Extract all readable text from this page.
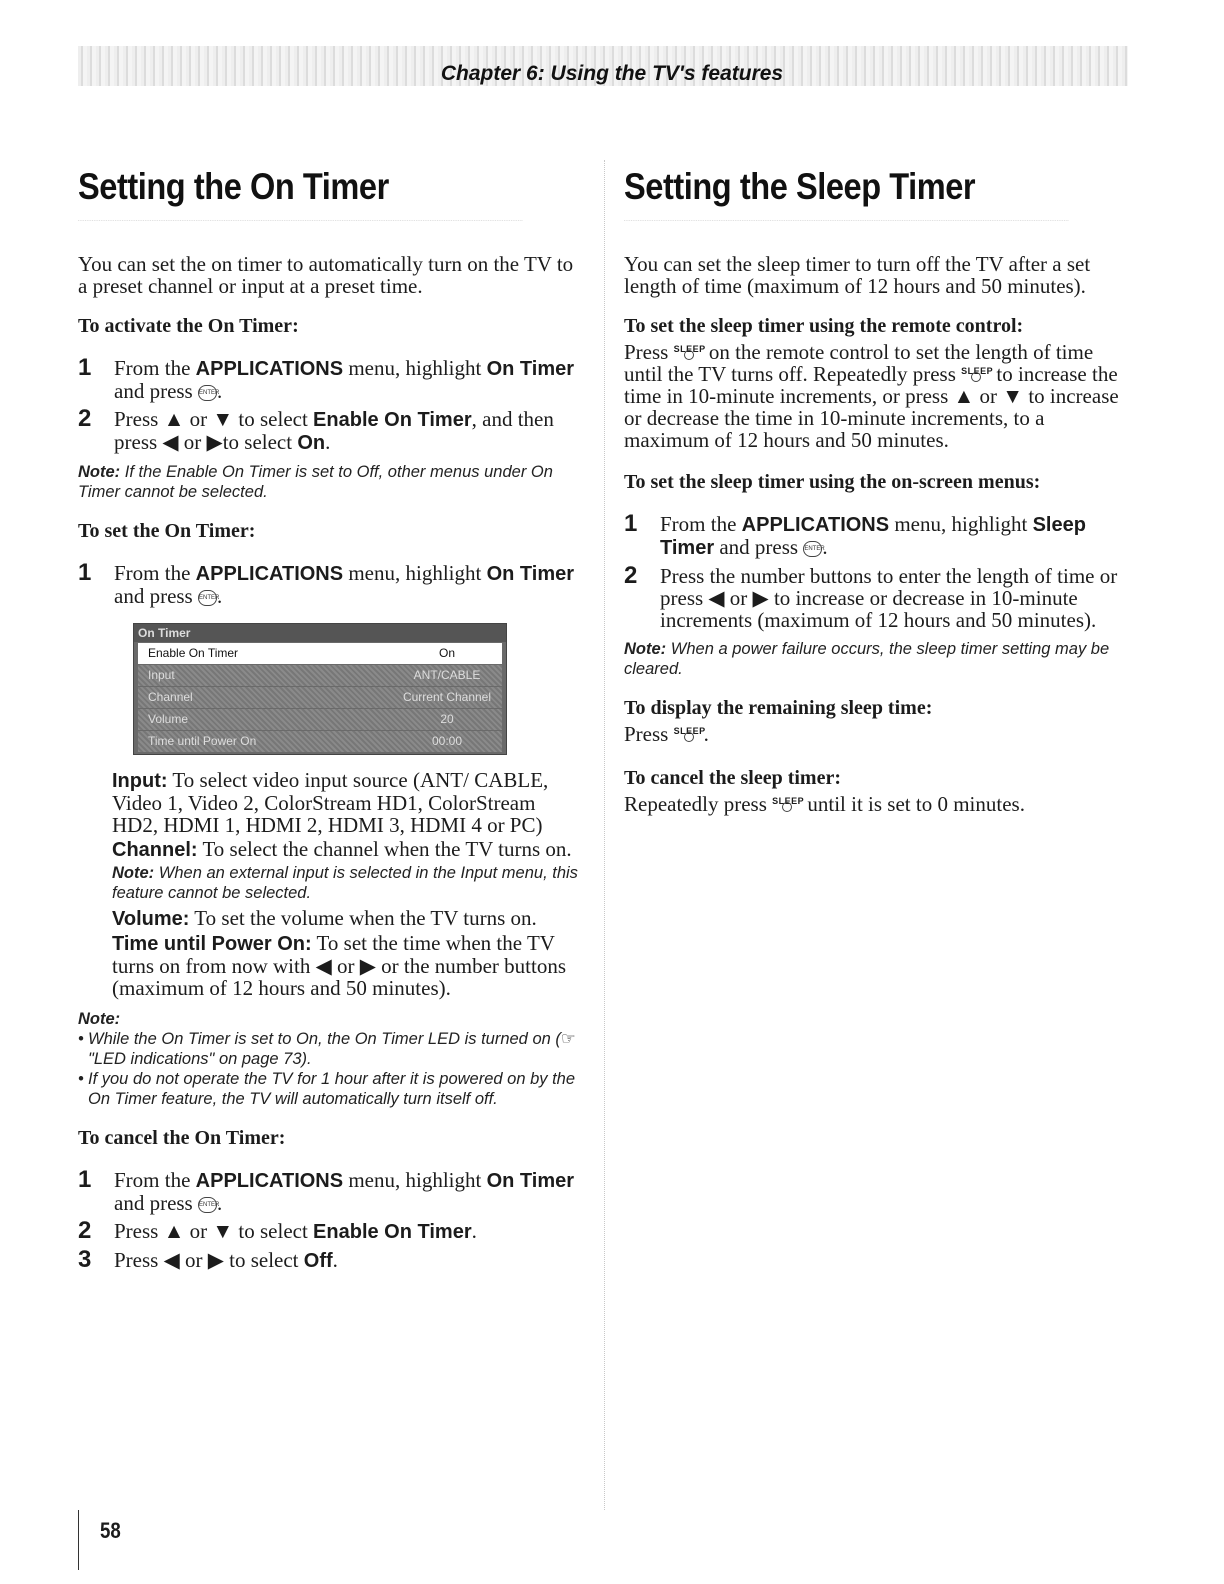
Chapter 6: Using the TV's features
Setting the On Timer

You can set the on timer to automatically turn on the TV to a preset channel or input at a preset time.

To activate the On Timer:

1	From the APPLICATIONS menu, highlight On Timer and press ENTER.
2	Press ▲ or ▼ to select Enable On Timer, and then press ◀ or ▶to select On.
Note: If the Enable On Timer is set to Off, other menus under On Timer cannot be selected.

To set the On Timer:

1	From the APPLICATIONS menu, highlight On Timer and press ENTER.
On Timer
Enable On Timer	On
Input	ANT/CABLE
Channel	Current Channel
Volume	20
Time until Power On	00:00

Input: To select video input source (ANT/ CABLE, Video 1, Video 2, ColorStream HD1, ColorStream HD2, HDMI 1, HDMI 2, HDMI 3, HDMI 4 or PC)

Channel: To select the channel when the TV turns on.

Note: When an external input is selected in the Input menu, this feature cannot be selected.

Volume: To set the volume when the TV turns on.

Time until Power On: To set the time when the TV turns on from now with ◀ or ▶ or the number buttons (maximum of 12 hours and 50 minutes).

Note:
• While the On Timer is set to On, the On Timer LED is turned on (☞ "LED indications" on page 73).
• If you do not operate the TV for 1 hour after it is powered on by the On Timer feature, the TV will automatically turn itself off.

To cancel the On Timer:

1	From the APPLICATIONS menu, highlight On Timer and press ENTER.
2	Press ▲ or ▼ to select Enable On Timer.
3	Press ◀ or ▶ to select Off.
Setting the Sleep Timer

You can set the sleep timer to turn off the TV after a set length of time (maximum of 12 hours and 50 minutes).

To set the sleep timer using the remote control:

Press SLEEP
on the remote control to set the length of time until the TV turns off. Repeatedly press SLEEP
to increase the time in 10-minute increments, or press ▲ or ▼ to increase or decrease the time in 10-minute increments, to a maximum of 12 hours and 50 minutes.

To set the sleep timer using the on-screen menus:

1	From the APPLICATIONS menu, highlight Sleep Timer and press ENTER.
2	Press the number buttons to enter the length of time or press ◀ or ▶ to increase or decrease in 10-minute increments (maximum of 12 hours and 50 minutes).
Note: When a power failure occurs, the sleep timer setting may be cleared.

To display the remaining sleep time:

Press SLEEP
.

To cancel the sleep timer:

Repeatedly press SLEEP
until it is set to 0 minutes.

58
